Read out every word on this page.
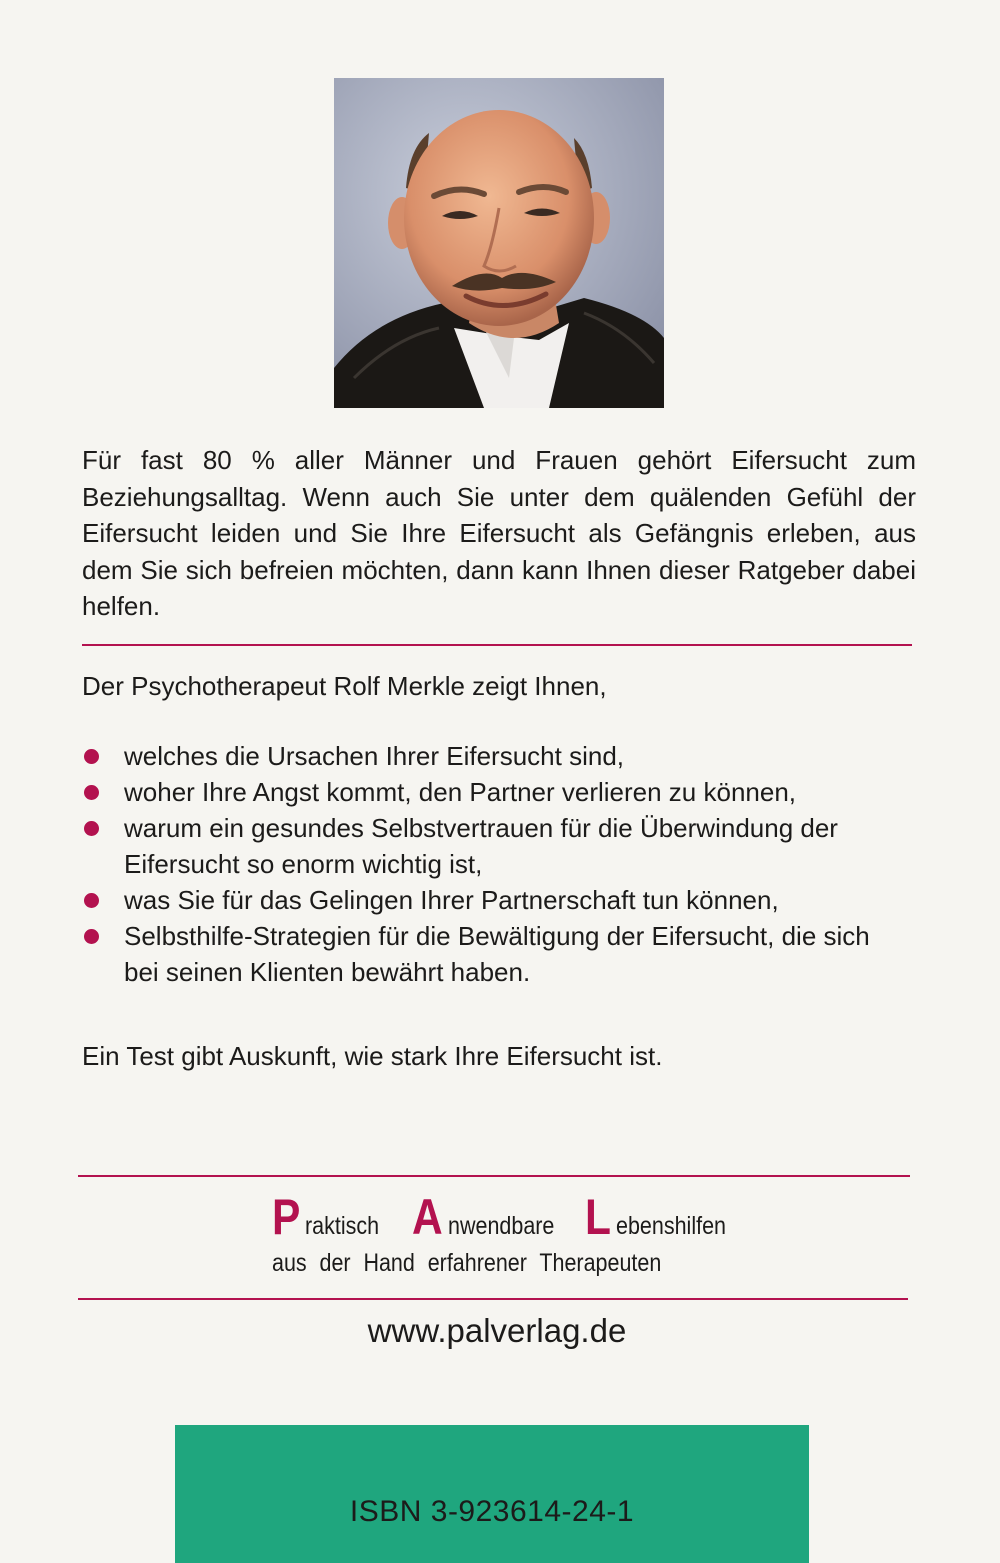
Für fast 80 % aller Männer und Frauen gehört Eifersucht zum Beziehungsalltag. Wenn auch Sie unter dem quälenden Gefühl der Eifersucht leiden und Sie Ihre Eifersucht als Gefängnis erleben, aus dem Sie sich befreien möchten, dann kann Ihnen dieser Ratgeber dabei helfen.

Der Psychotherapeut Rolf Merkle zeigt Ihnen,

welches die Ursachen Ihrer Eifersucht sind,
woher Ihre Angst kommt, den Partner verlieren zu können,
warum ein gesundes Selbstvertrauen für die Überwindung der Eifersucht so enorm wichtig ist,
was Sie für das Gelingen Ihrer Partnerschaft tun können,
Selbsthilfe-Strategien für die Bewältigung der Eifersucht, die sich bei seinen Klienten bewährt haben.

Ein Test gibt Auskunft, wie stark Ihre Eifersucht ist.

P raktisch A nwendbare L ebenshilfen
aus der Hand erfahrener Therapeuten

www.palverlag.de

ISBN 3-923614-24-1
